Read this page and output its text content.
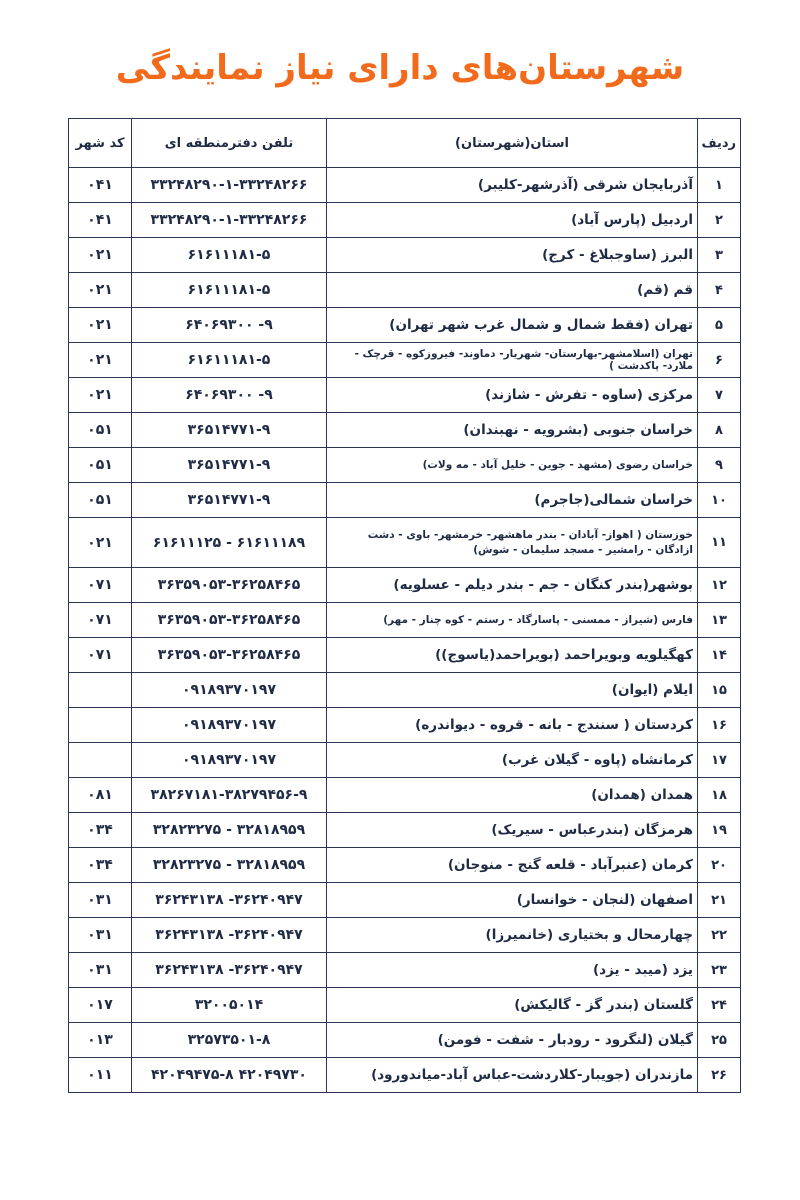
شهرستان‌های دارای نیاز نمایندگی
ردیف	استان(شهرستان)	تلفن دفترمنطقه ای	کد شهر
۱	آذربایجان شرقی (آذرشهر-کلیبر)	۳۳۲۴۸۲۹۰-۱-۳۳۲۴۸۲۶۶	۰۴۱
۲	اردبیل (پارس آباد)	۳۳۲۴۸۲۹۰-۱-۳۳۲۴۸۲۶۶	۰۴۱
۳	البرز (ساوجبلاغ - کرج)	۶۱۶۱۱۱۸۱-۵	۰۲۱
۴	قم (قم)	۶۱۶۱۱۱۸۱-۵	۰۲۱
۵	تهران (فقط شمال و شمال غرب شهر تهران)	۶۴۰۶۹۳۰۰ -۹	۰۲۱
۶	تهران (اسلامشهر-بهارستان- شهریار- دماوند- فیروزکوه - قرچک - ملارد- پاکدشت )	۶۱۶۱۱۱۸۱-۵	۰۲۱
۷	مرکزی (ساوه - تفرش - شازند)	۶۴۰۶۹۳۰۰ -۹	۰۲۱
۸	خراسان جنوبی (بشرویه - نهبندان)	۳۶۵۱۴۷۷۱-۹	۰۵۱
۹	خراسان رضوی (مشهد - جوین - خلیل آباد - مه ولات)	۳۶۵۱۴۷۷۱-۹	۰۵۱
۱۰	خراسان شمالی(جاجرم)	۳۶۵۱۴۷۷۱-۹	۰۵۱
۱۱	خوزستان ( اهواز- آبادان - بندر ماهشهر- خرمشهر- باوی - دشت ازادگان - رامشیر - مسجد سلیمان - شوش)	۶۱۶۱۱۱۲۵ - ۶۱۶۱۱۱۸۹	۰۲۱
۱۲	بوشهر(بندر کنگان - جم - بندر دیلم - عسلویه)	۳۶۳۵۹۰۵۳-۳۶۲۵۸۴۶۵	۰۷۱
۱۳	فارس (شیراز - ممسنی - پاسارگاد - رستم - کوه چنار - مهر)	۳۶۳۵۹۰۵۳-۳۶۲۵۸۴۶۵	۰۷۱
۱۴	کهگیلویه وبویراحمد (بویراحمد(یاسوج))	۳۶۳۵۹۰۵۳-۳۶۲۵۸۴۶۵	۰۷۱
۱۵	ایلام (ایوان)	۰۹۱۸۹۳۷۰۱۹۷	
۱۶	کردستان ( سنندج - بانه - قروه - دیواندره)	۰۹۱۸۹۳۷۰۱۹۷	
۱۷	کرمانشاه (پاوه - گیلان غرب)	۰۹۱۸۹۳۷۰۱۹۷	
۱۸	همدان (همدان)	۳۸۲۶۷۱۸۱-۳۸۲۷۹۴۵۶-۹	۰۸۱
۱۹	هرمزگان (بندرعباس - سیریک)	۳۲۸۲۳۲۷۵ - ۳۲۸۱۸۹۵۹	۰۳۴
۲۰	کرمان (عنبرآباد - قلعه گنج - منوجان)	۳۲۸۲۳۲۷۵ - ۳۲۸۱۸۹۵۹	۰۳۴
۲۱	اصفهان (لنجان - خوانسار)	۳۶۲۴۳۱۳۸ -۳۶۲۴۰۹۴۷	۰۳۱
۲۲	چهارمحال و بختیاری (خانمیرزا)	۳۶۲۴۳۱۳۸ -۳۶۲۴۰۹۴۷	۰۳۱
۲۳	یزد (میبد - یزد)	۳۶۲۴۳۱۳۸ -۳۶۲۴۰۹۴۷	۰۳۱
۲۴	گلستان (بندر گز - گالیکش)	۳۲۰۰۵۰۱۴	۰۱۷
۲۵	گیلان (لنگرود - رودبار - شفت - فومن)	۳۲۵۷۳۵۰۱-۸	۰۱۳
۲۶	مازندران (جویبار-کلاردشت-عباس آباد-میاندورود)	۴۲۰۴۹۴۷۵-۸ ۴۲۰۴۹۷۳۰	۰۱۱
